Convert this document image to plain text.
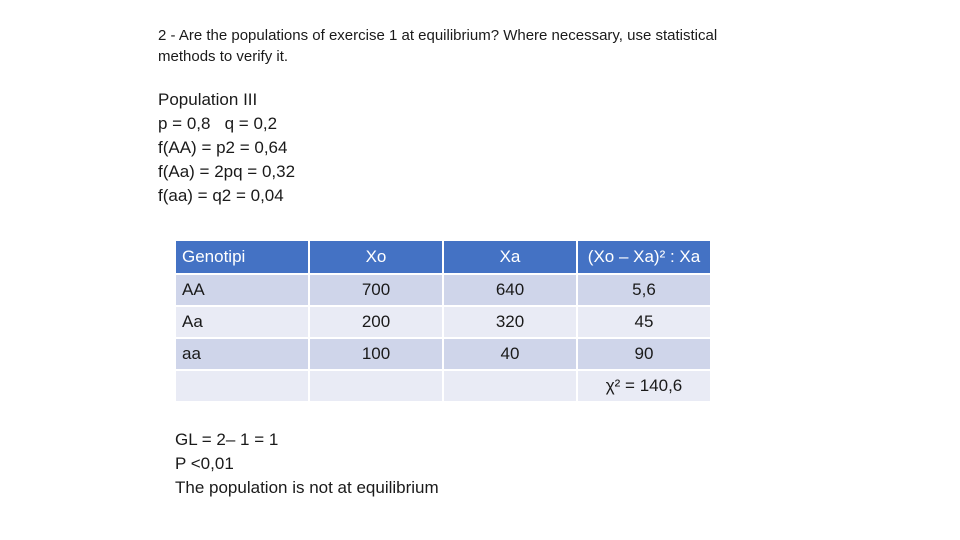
2 - Are the populations of exercise 1 at equilibrium? Where necessary, use statistical
methods to verify it.
Population III
p = 0,8   q = 0,2
f(AA) = p2 = 0,64
f(Aa) = 2pq = 0,32
f(aa) = q2 = 0,04
Genotipi	Xo	Xa	(Xo – Xa)² : Xa
AA	700	640	5,6
Aa	200	320	45
aa	100	40	90
			χ² = 140,6
GL = 2– 1 = 1
P <0,01
The population is not at equilibrium
